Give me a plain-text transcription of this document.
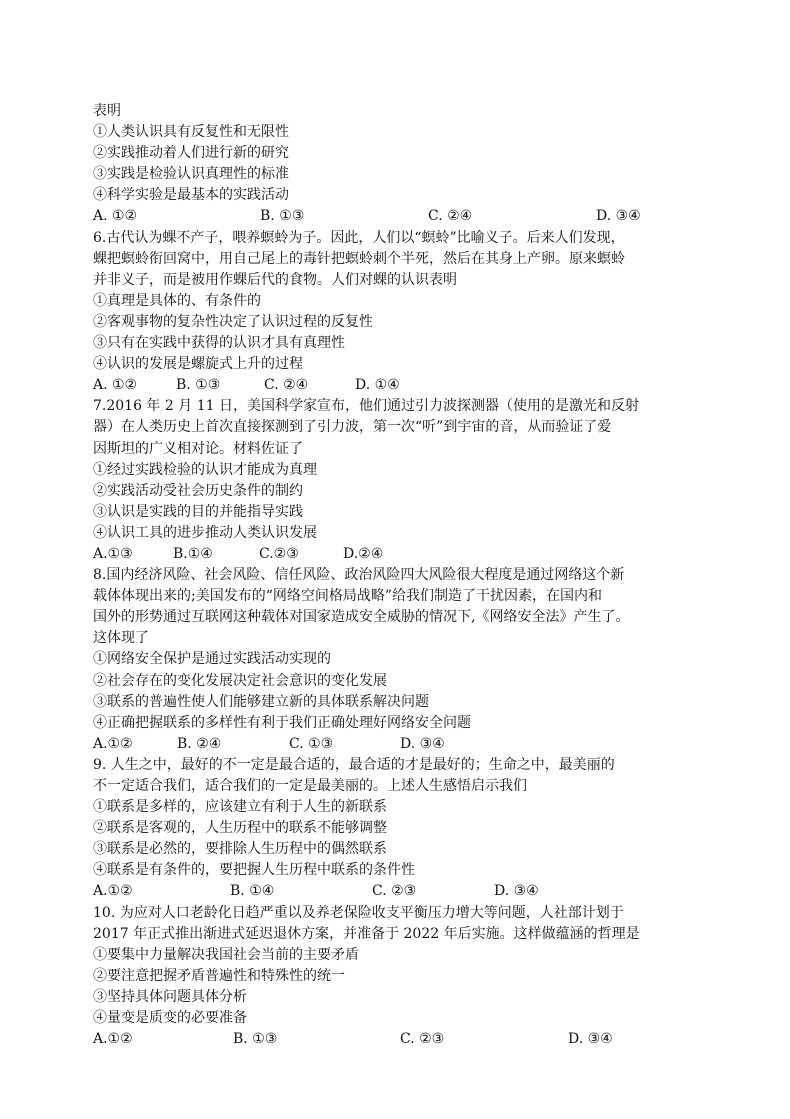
表明
①人类认识具有反复性和无限性
②实践推动着人们进行新的研究
③实践是检验认识真理性的标准
④科学实验是最基本的实践活动
A. ①②	B. ①③	C. ②④	D. ③④
6.古代认为蜾不产子，喂养螟蛉为子。因此，人们以“螟蛉”比喻义子。后来人们发现，
蜾把螟蛉衔回窝中，用自己尾上的毒针把螟蛉刺个半死，然后在其身上产卵。原来螟蛉
并非义子，而是被用作蜾后代的食物。人们对蜾的认识表明
①真理是具体的、有条件的
②客观事物的复杂性决定了认识过程的反复性
③只有在实践中获得的认识才具有真理性
④认识的发展是螺旋式上升的过程
A. ①②	B. ①③	C. ②④	D. ①④
7.2016 年 2 月 11 日，美国科学家宣布，他们通过引力波探测器（使用的是激光和反射
器）在人类历史上首次直接探测到了引力波，第一次“听”到宇宙的音，从而验证了爱
因斯坦的广义相对论。材料佐证了
①经过实践检验的认识才能成为真理
②实践活动受社会历史条件的制约
③认识是实践的目的并能指导实践
④认识工具的进步推动人类认识发展
A.①③	B.①④	C.②③	D.②④
8.国内经济风险、社会风险、信任风险、政治风险四大风险很大程度是通过网络这个新
载体体现出来的;美国发布的“网络空间格局战略”给我们制造了干扰因素，在国内和
国外的形势通过互联网这种载体对国家造成安全威胁的情况下,《网络安全法》产生了。
这体现了
①网络安全保护是通过实践活动实现的
②社会存在的变化发展决定社会意识的变化发展
③联系的普遍性使人们能够建立新的具体联系解决问题
④正确把握联系的多样性有利于我们正确处理好网络安全问题
A.①②	B. ②④	C. ①③	D. ③④
9. 人生之中，最好的不一定是最合适的，最合适的才是最好的；生命之中，最美丽的
不一定适合我们，适合我们的一定是最美丽的。上述人生感悟启示我们
①联系是多样的，应该建立有利于人生的新联系
②联系是客观的，人生历程中的联系不能够调整
③联系是必然的，要排除人生历程中的偶然联系
④联系是有条件的，要把握人生历程中联系的条件性
A.①②	B. ①④	C. ②③	D. ③④
10. 为应对人口老龄化日趋严重以及养老保险收支平衡压力增大等问题，人社部计划于
2017 年正式推出渐进式延迟退休方案，并准备于 2022 年后实施。这样做蕴涵的哲理是
①要集中力量解决我国社会当前的主要矛盾
②要注意把握矛盾普遍性和特殊性的统一
③坚持具体问题具体分析
④量变是质变的必要准备
A.①②	B. ①③	C. ②③	D. ③④
